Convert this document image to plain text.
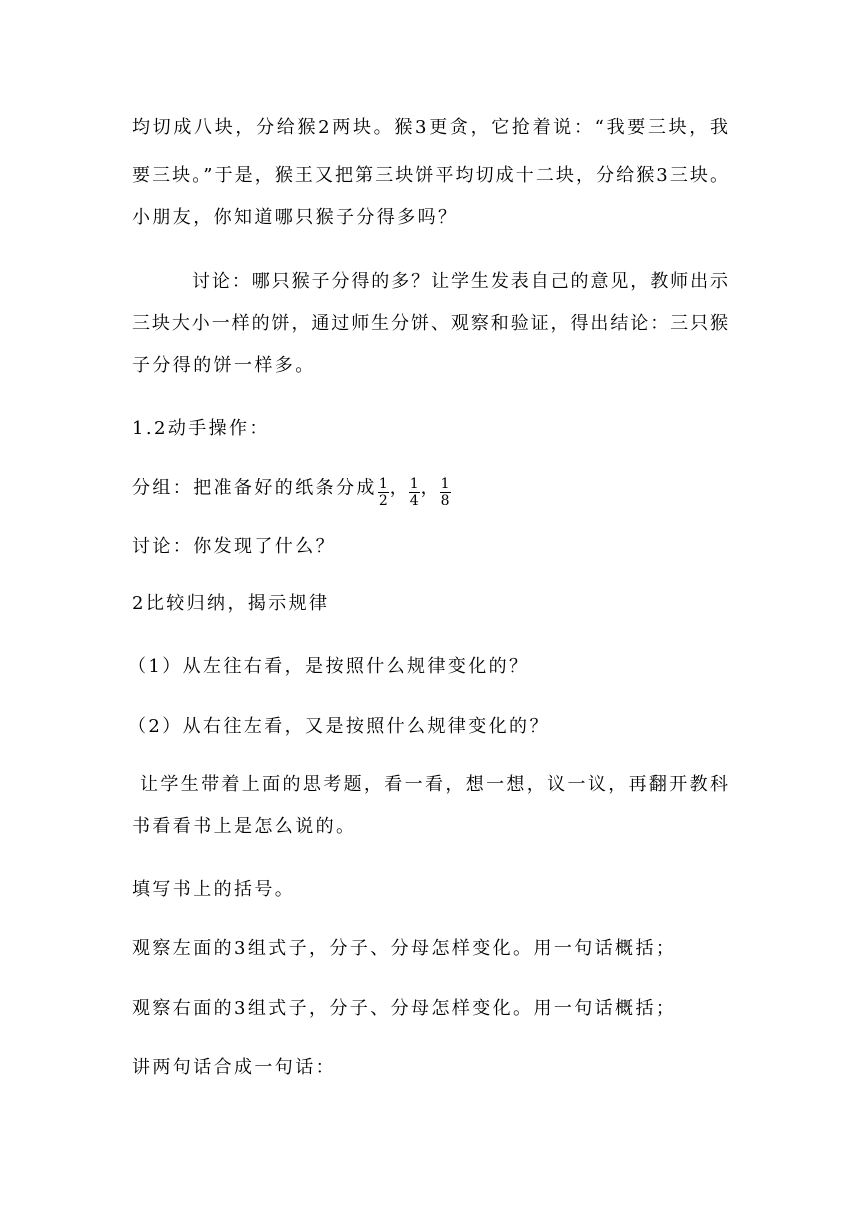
均切成八块，分给猴2两块。猴3更贪，它抢着说：“我要三块，我
要三块。”于是，猴王又把第三块饼平均切成十二块，分给猴3三块。
小朋友，你知道哪只猴子分得多吗？
讨论：哪只猴子分得的多？让学生发表自己的意见，教师出示
三块大小一样的饼，通过师生分饼、观察和验证，得出结论：三只猴
子分得的饼一样多。
1.2动手操作：
分组：把准备好的纸条分成 $\frac{1}{2}$ ， $\frac{1}{4}$ ， $\frac{1}{8}$
讨论：你发现了什么？
2比较归纳，揭示规律
（1）从左往右看，是按照什么规律变化的？
（2）从右往左看，又是按照什么规律变化的？
让学生带着上面的思考题，看一看，想一想，议一议，再翻开教科
书看看书上是怎么说的。
填写书上的括号。
观察左面的3组式子，分子、分母怎样变化。用一句话概括；
观察右面的3组式子，分子、分母怎样变化。用一句话概括；
讲两句话合成一句话：
